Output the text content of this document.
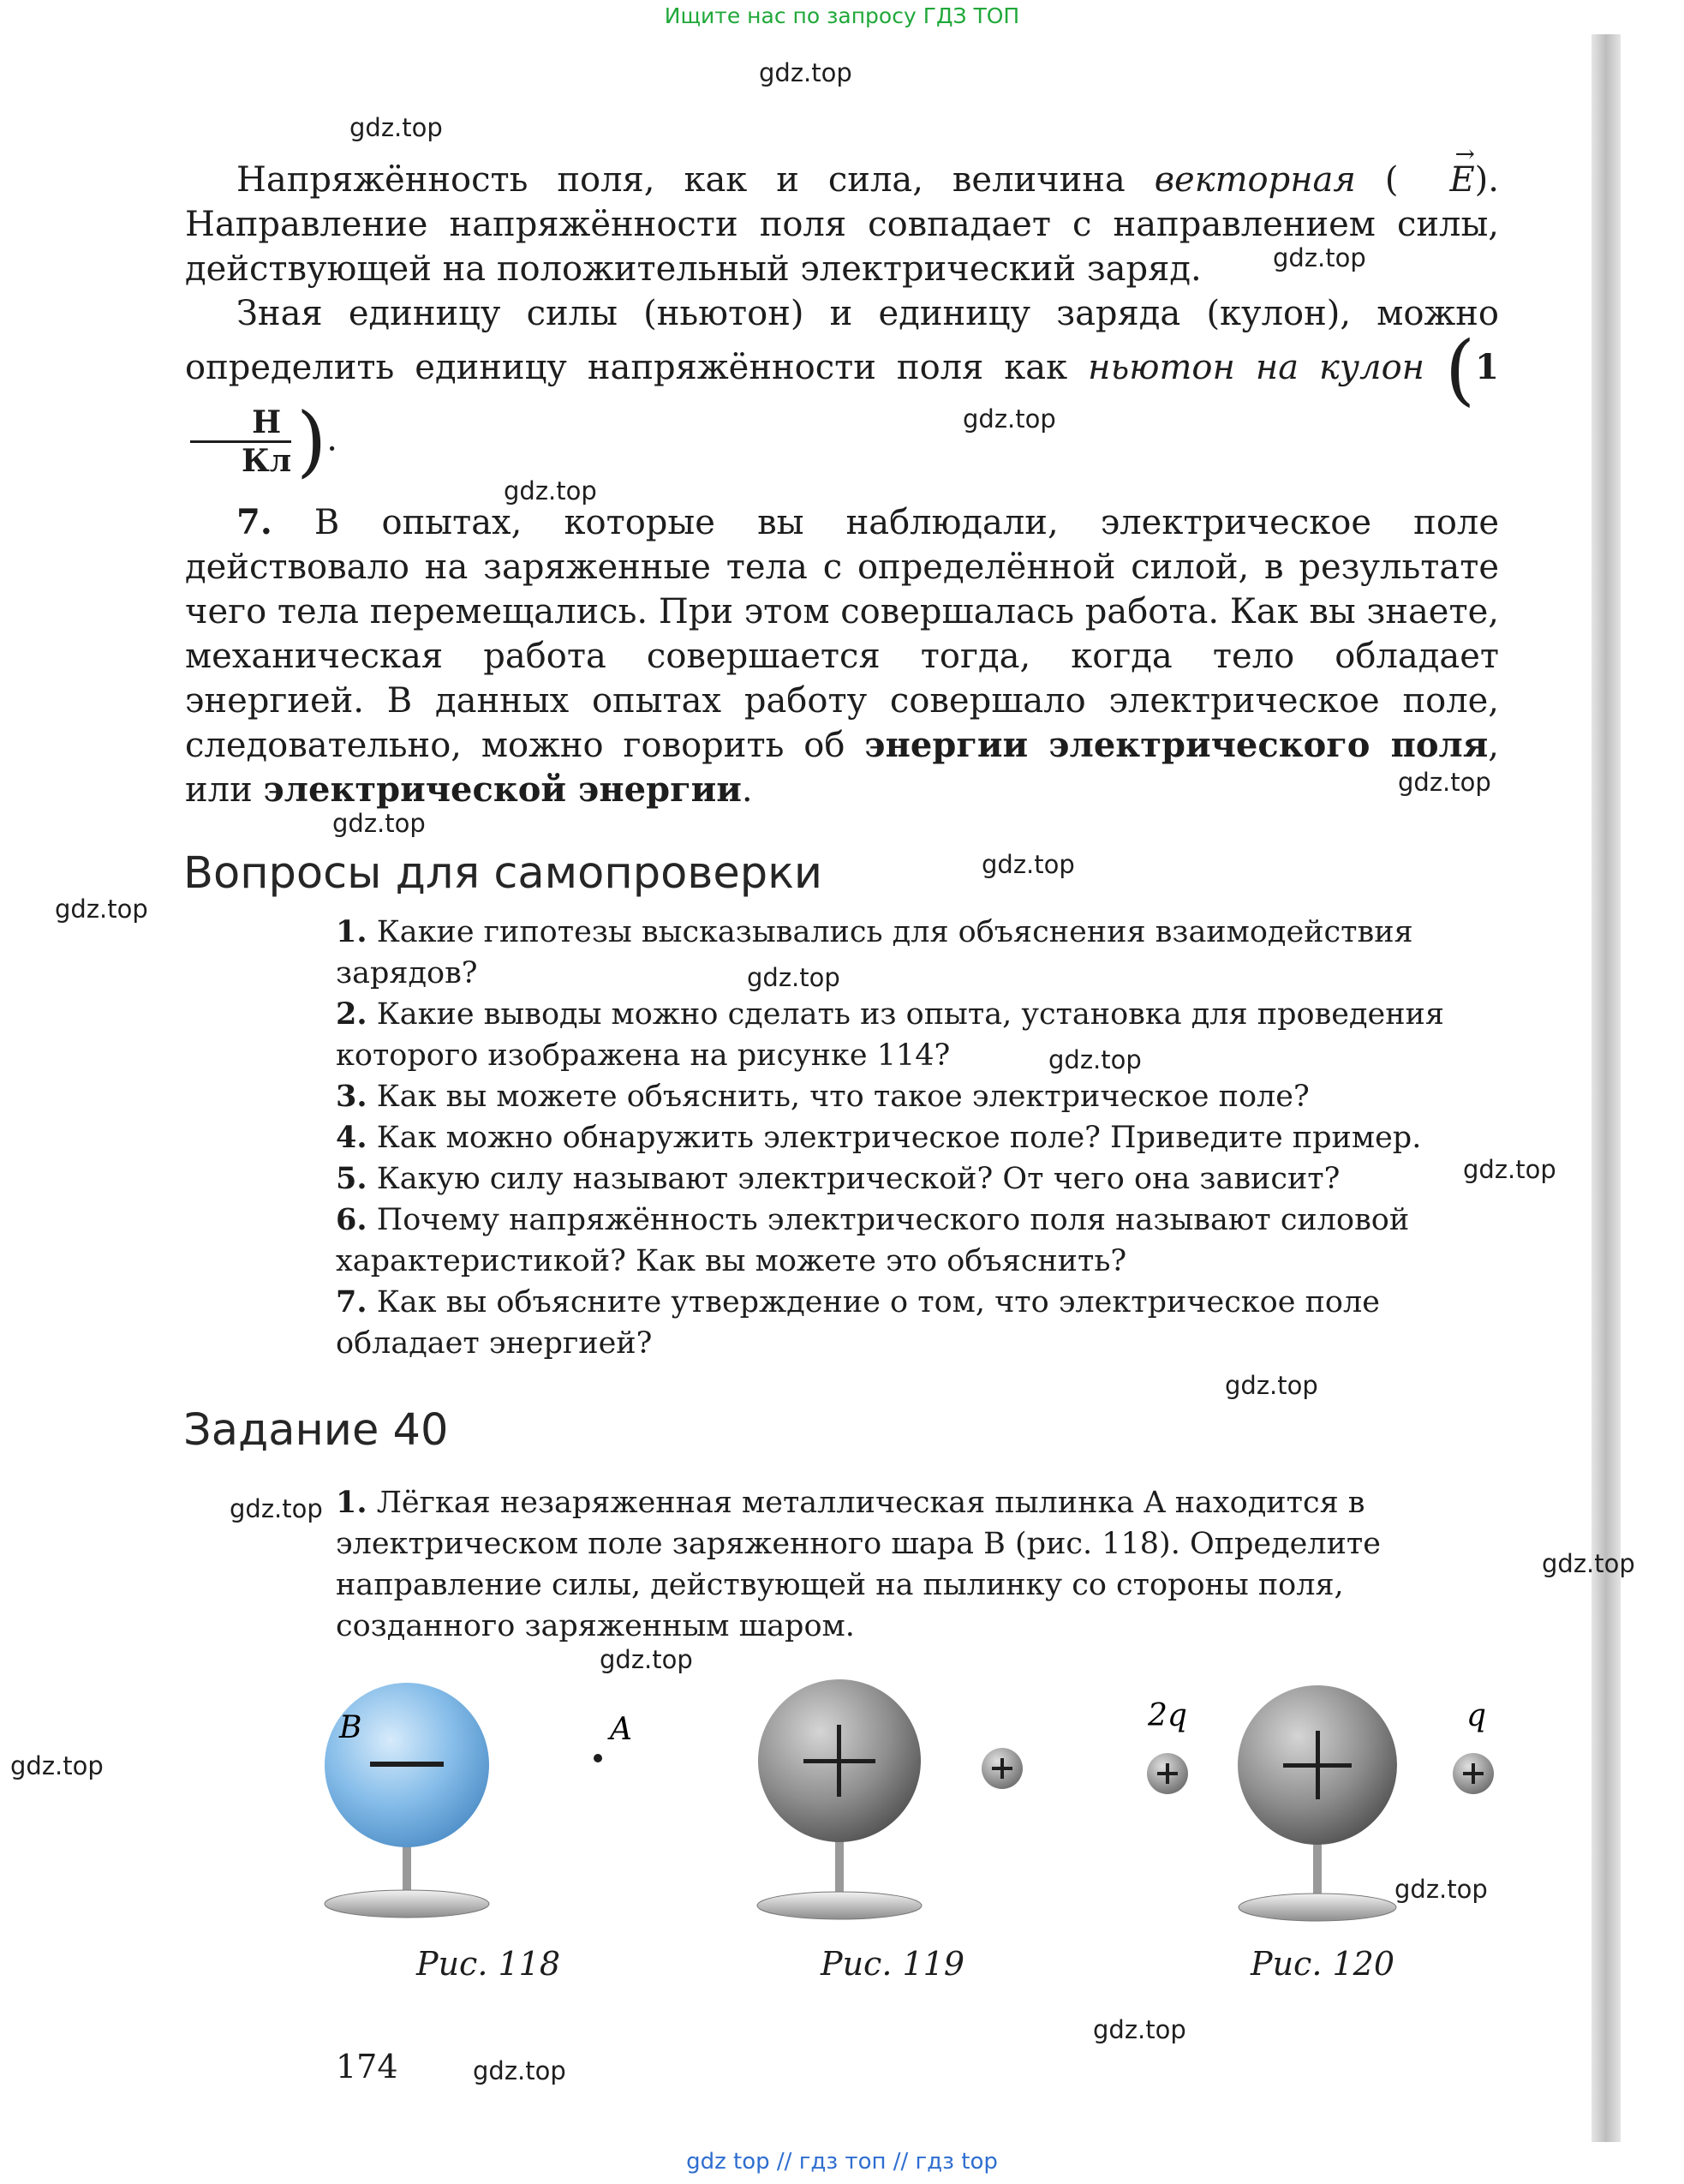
Ищите нас по запросу ГДЗ ТОП
gdz.top
gdz.top
gdz.top
gdz.top
gdz.top
gdz.top
gdz.top
gdz.top
gdz.top
gdz.top
gdz.top
gdz.top
gdz.top
gdz.top
gdz.top
gdz.top
gdz.top
gdz.top
gdz.top
gdz.top
Напряжённость поля, как и сила, величина векторная (
→
E). Направление напряжённости поля совпадает с направлением силы, действующей на положительный электрический заряд.
Зная единицу силы (ньютон) и единицу заряда (кулон), можно определить единицу напряжённости поля как ньютон на кулон (1
$\frac{Н}{Кл}$ ).
7. В опытах, которые вы наблюдали, электрическое поле действовало на заряженные тела с определённой силой, в результате чего тела перемещались. При этом совершалась работа. Как вы знаете, механическая работа совершается тогда, когда тело обладает энергией. В данных опытах работу совершало электрическое поле, следовательно, можно говорить об энергии электрического поля, или электрической энергии.
Вопросы для самопроверки
1. Какие гипотезы высказывались для объяснения взаимодействия зарядов?
2. Какие выводы можно сделать из опыта, установка для проведения которого изображена на рисунке 114?
3. Как вы можете объяснить, что такое электрическое поле?
4. Как можно обнаружить электрическое поле? Приведите пример.
5. Какую силу называют электрической? От чего она зависит?
6. Почему напряжённость электрического поля называют силовой характеристикой? Как вы можете это объяснить?
7. Как вы объясните утверждение о том, что электрическое поле обладает энергией?
Задание 40
1. Лёгкая незаряженная металлическая пылинка A находится в электрическом поле заряженного шара B (рис. 118). Определите направление силы, действующей на пылинку со стороны поля, созданного заряженным шаром.
B	A	2q	q
Рис. 118	Рис. 119	Рис. 120
174
gdz top // гдз топ // гдз top
